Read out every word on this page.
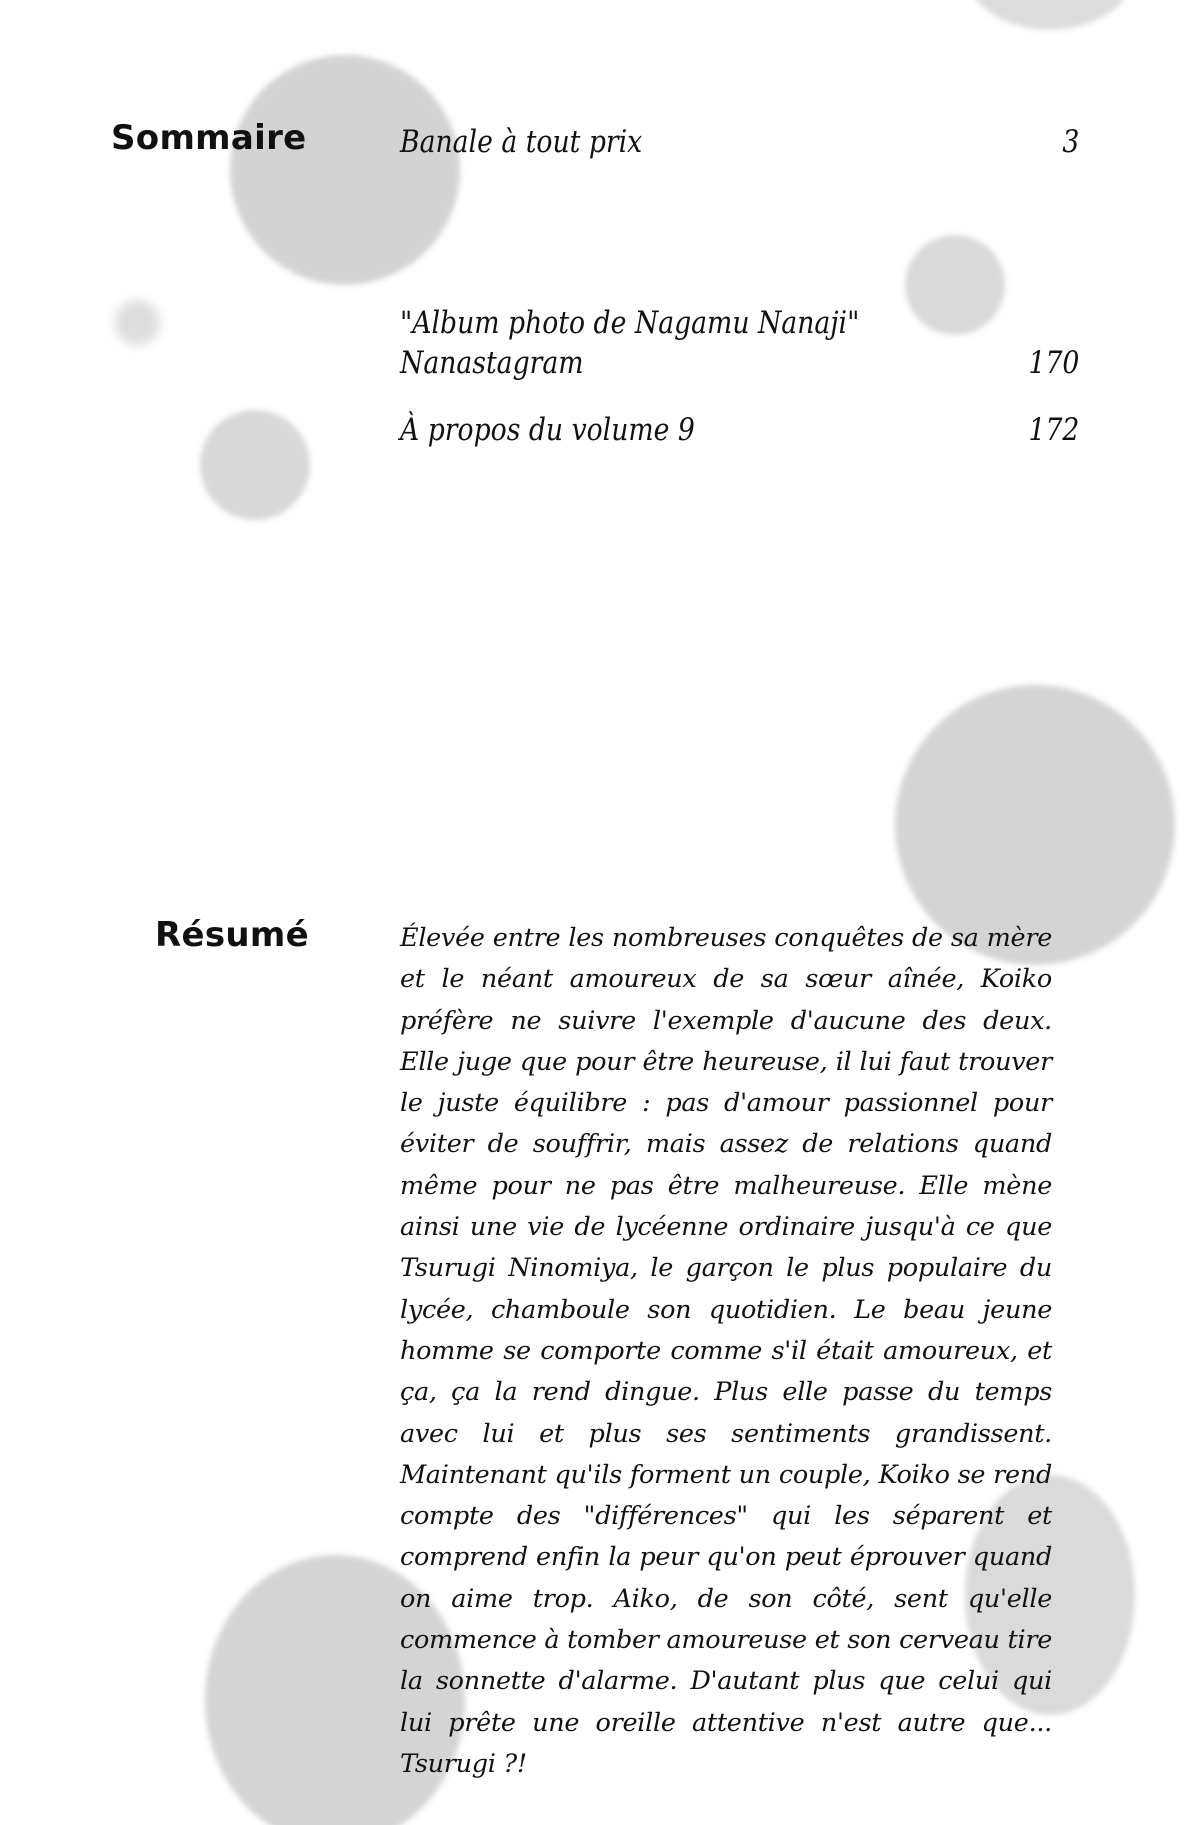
Sommaire	Banale à tout prix	3
"Album photo de Nagamu Nanaji"
Nanastagram	170
À propos du volume 9	172
Résumé	Élevée entre les nombreuses conquêtes de sa mère et le néant amoureux de sa sœur aînée, Koiko préfère ne suivre l'exemple d'aucune des deux. Elle juge que pour être heureuse, il lui faut trouver le juste équilibre : pas d'amour passionnel pour éviter de souffrir, mais assez de relations quand même pour ne pas être malheureuse. Elle mène ainsi une vie de lycéenne ordinaire jusqu'à ce que Tsurugi Ninomiya, le garçon le plus populaire du lycée, chamboule son quotidien. Le beau jeune homme se comporte comme s'il était amoureux, et ça, ça la rend dingue. Plus elle passe du temps avec lui et plus ses sentiments grandissent. Maintenant qu'ils forment un couple, Koiko se rend compte des "différences" qui les séparent et comprend enfin la peur qu'on peut éprouver quand on aime trop. Aiko, de son côté, sent qu'elle commence à tomber amoureuse et son cerveau tire la sonnette d'alarme. D'autant plus que celui qui lui prête une oreille attentive n'est autre que... Tsurugi ?!
